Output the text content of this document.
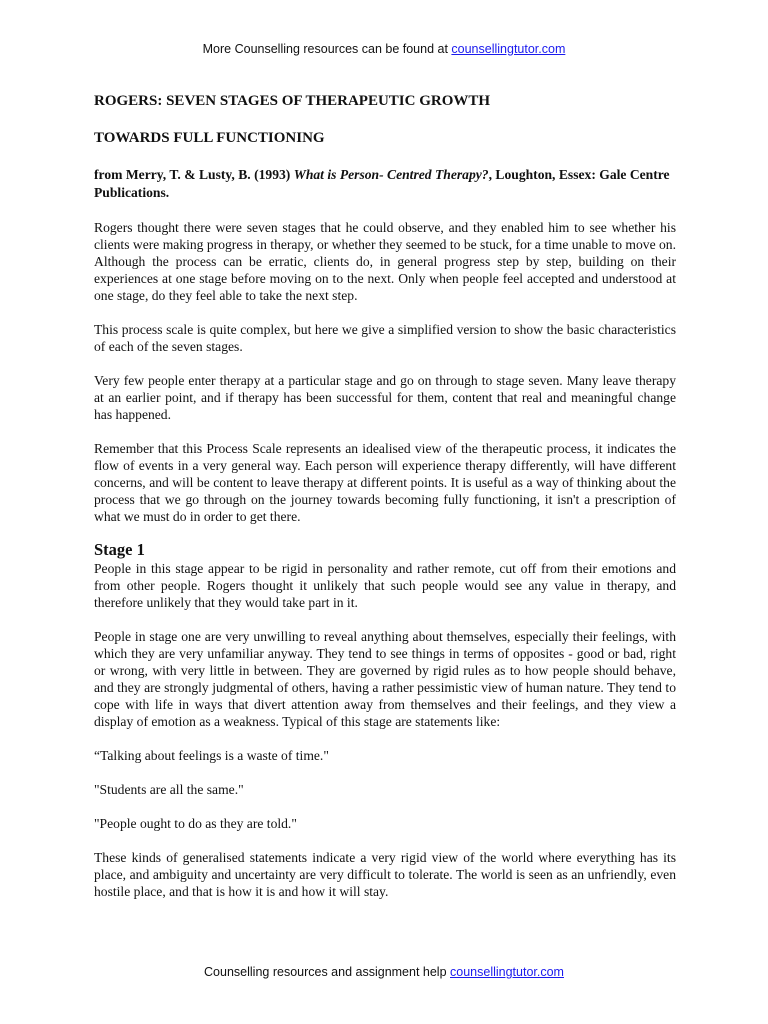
More Counselling resources can be found at counsellingtutor.com
ROGERS: SEVEN STAGES OF THERAPEUTIC GROWTH
TOWARDS FULL FUNCTIONING

from Merry, T. & Lusty, B. (1993) What is Person- Centred Therapy?, Loughton, Essex: Gale Centre Publications.

Rogers thought there were seven stages that he could observe, and they enabled him to see whether his clients were making progress in therapy, or whether they seemed to be stuck, for a time unable to move on. Although the process can be erratic, clients do, in general progress step by step, building on their experiences at one stage before moving on to the next. Only when people feel accepted and understood at one stage, do they feel able to take the next step.

This process scale is quite complex, but here we give a simplified version to show the basic characteristics of each of the seven stages.

Very few people enter therapy at a particular stage and go on through to stage seven. Many leave therapy at an earlier point, and if therapy has been successful for them, content that real and meaningful change has happened.

Remember that this Process Scale represents an idealised view of the therapeutic process, it indicates the flow of events in a very general way. Each person will experience therapy differently, will have different concerns, and will be content to leave therapy at different points. It is useful as a way of thinking about the process that we go through on the journey towards becoming fully functioning, it isn't a prescription of what we must do in order to get there.

Stage 1

People in this stage appear to be rigid in personality and rather remote, cut off from their emotions and from other people. Rogers thought it unlikely that such people would see any value in therapy, and therefore unlikely that they would take part in it.

People in stage one are very unwilling to reveal anything about themselves, especially their feelings, with which they are very unfamiliar anyway. They tend to see things in terms of opposites - good or bad, right or wrong, with very little in between. They are governed by rigid rules as to how people should behave, and they are strongly judgmental of others, having a rather pessimistic view of human nature. They tend to cope with life in ways that divert attention away from themselves and their feelings, and they view a display of emotion as a weakness. Typical of this stage are statements like:

“Talking about feelings is a waste of time."

"Students are all the same."

"People ought to do as they are told."

These kinds of generalised statements indicate a very rigid view of the world where everything has its place, and ambiguity and uncertainty are very difficult to tolerate. The world is seen as an unfriendly, even hostile place, and that is how it is and how it will stay.

Counselling resources and assignment help counsellingtutor.com
